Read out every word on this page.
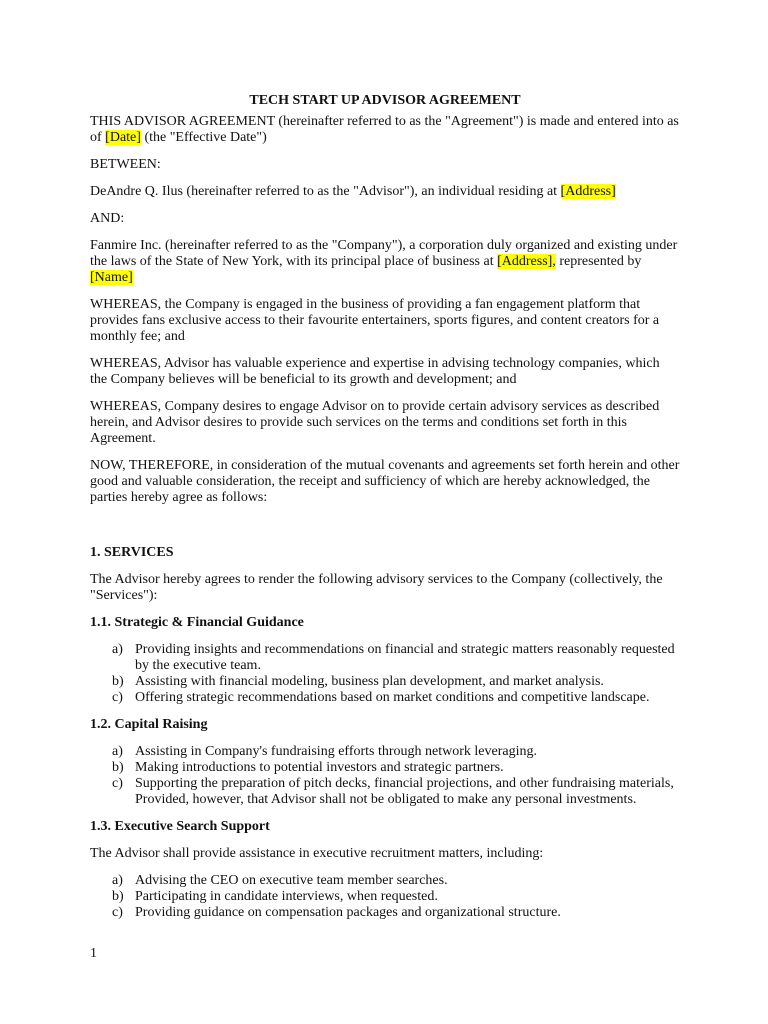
TECH START UP ADVISOR AGREEMENT

THIS ADVISOR AGREEMENT (hereinafter referred to as the "Agreement") is made and entered into as of [Date] (the "Effective Date")

BETWEEN:

DeAndre Q. Ilus (hereinafter referred to as the "Advisor"), an individual residing at [Address]

AND:

Fanmire Inc. (hereinafter referred to as the "Company"), a corporation duly organized and existing under the laws of the State of New York, with its principal place of business at [Address], represented by [Name]

WHEREAS, the Company is engaged in the business of providing a fan engagement platform that provides fans exclusive access to their favourite entertainers, sports figures, and content creators for a monthly fee; and

WHEREAS, Advisor has valuable experience and expertise in advising technology companies, which the Company believes will be beneficial to its growth and development; and

WHEREAS, Company desires to engage Advisor on to provide certain advisory services as described herein, and Advisor desires to provide such services on the terms and conditions set forth in this Agreement.

NOW, THEREFORE, in consideration of the mutual covenants and agreements set forth herein and other good and valuable consideration, the receipt and sufficiency of which are hereby acknowledged, the parties hereby agree as follows:

1. SERVICES

The Advisor hereby agrees to render the following advisory services to the Company (collectively, the "Services"):

1.1. Strategic & Financial Guidance
a) Providing insights and recommendations on financial and strategic matters reasonably requested by the executive team.
b) Assisting with financial modeling, business plan development, and market analysis.
c) Offering strategic recommendations based on market conditions and competitive landscape.
1.2. Capital Raising
a) Assisting in Company's fundraising efforts through network leveraging.
b) Making introductions to potential investors and strategic partners.
c) Supporting the preparation of pitch decks, financial projections, and other fundraising materials, Provided, however, that Advisor shall not be obligated to make any personal investments.
1.3. Executive Search Support

The Advisor shall provide assistance in executive recruitment matters, including:

a) Advising the CEO on executive team member searches.
b) Participating in candidate interviews, when requested.
c) Providing guidance on compensation packages and organizational structure.
1
